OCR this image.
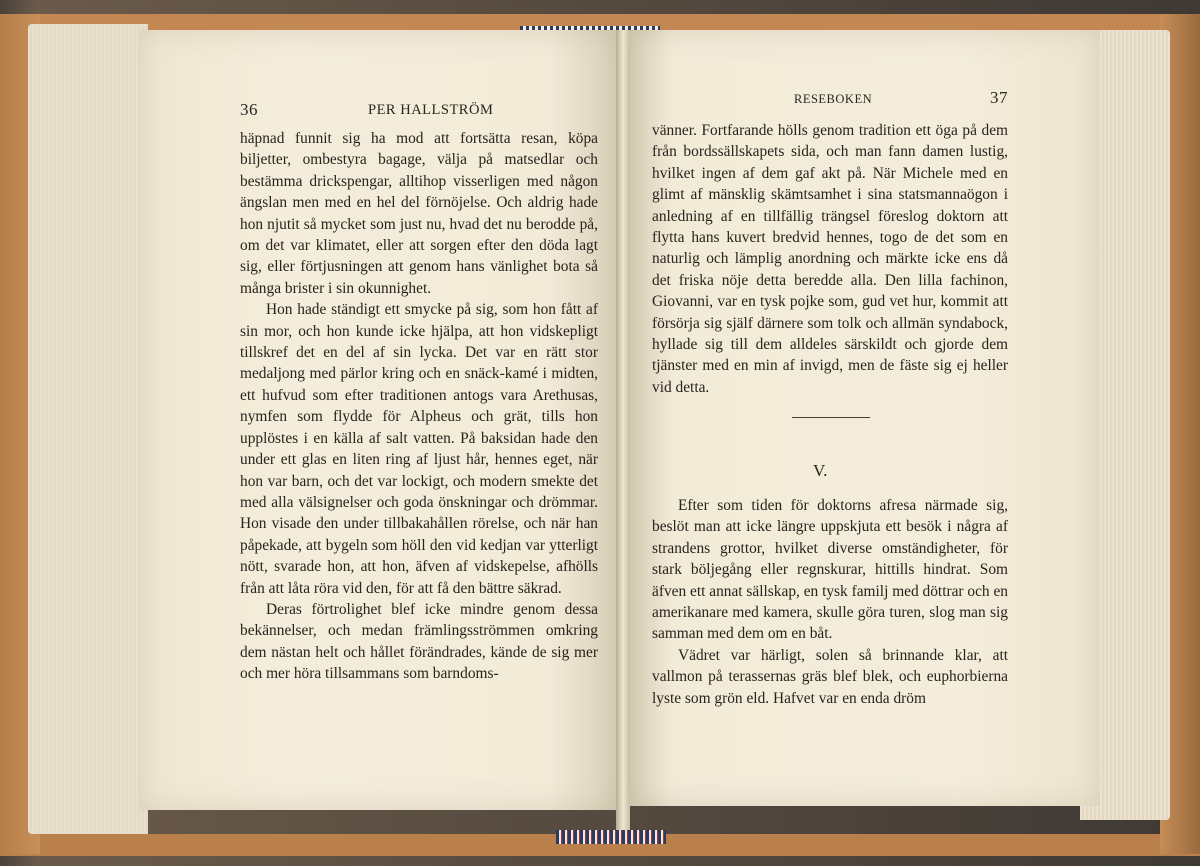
36	PER HALLSTRÖM

häpnad funnit sig ha mod att fortsätta resan, köpa biljetter, ombestyra bagage, välja på matsedlar och bestämma drickspengar, alltihop visserligen med någon ängslan men med en hel del förnöjelse. Och aldrig hade hon njutit så mycket som just nu, hvad det nu berodde på, om det var klimatet, eller att sorgen efter den döda lagt sig, eller förtjusningen att genom hans vänlighet bota så många brister i sin okunnighet.

Hon hade ständigt ett smycke på sig, som hon fått af sin mor, och hon kunde icke hjälpa, att hon vidskepligt tillskref det en del af sin lycka. Det var en rätt stor medaljong med pärlor kring och en snäck-kamé i midten, ett hufvud som efter traditionen antogs vara Arethusas, nymfen som flydde för Alpheus och grät, tills hon upplöstes i en källa af salt vatten. På baksidan hade den under ett glas en liten ring af ljust hår, hennes eget, när hon var barn, och det var lockigt, och modern smekte det med alla välsignelser och goda önskningar och drömmar. Hon visade den under tillbakahållen rörelse, och när han påpekade, att bygeln som höll den vid kedjan var ytterligt nött, svarade hon, att hon, äfven af vidskepelse, afhölls från att låta röra vid den, för att få den bättre säkrad.

Deras förtrolighet blef icke mindre genom dessa bekännelser, och medan främlingsströmmen omkring dem nästan helt och hållet förändrades, kände de sig mer och mer höra tillsammans som barndoms-

RESEBOKEN	37

vänner. Fortfarande hölls genom tradition ett öga på dem från bordssällskapets sida, och man fann damen lustig, hvilket ingen af dem gaf akt på. När Michele med en glimt af mänsklig skämtsamhet i sina statsmannaögon i anledning af en tillfällig trängsel föreslog doktorn att flytta hans kuvert bredvid hennes, togo de det som en naturlig och lämplig anordning och märkte icke ens då det friska nöje detta beredde alla. Den lilla fachinon, Giovanni, var en tysk pojke som, gud vet hur, kommit att försörja sig själf därnere som tolk och allmän syndabock, hyllade sig till dem alldeles särskildt och gjorde dem tjänster med en min af invigd, men de fäste sig ej heller vid detta.

V.

Efter som tiden för doktorns afresa närmade sig, beslöt man att icke längre uppskjuta ett besök i några af strandens grottor, hvilket diverse omständigheter, för stark böljegång eller regnskurar, hittills hindrat. Som äfven ett annat sällskap, en tysk familj med döttrar och en amerikanare med kamera, skulle göra turen, slog man sig samman med dem om en båt.

Vädret var härligt, solen så brinnande klar, att vallmon på terassernas gräs blef blek, och euphorbierna lyste som grön eld. Hafvet var en enda dröm
